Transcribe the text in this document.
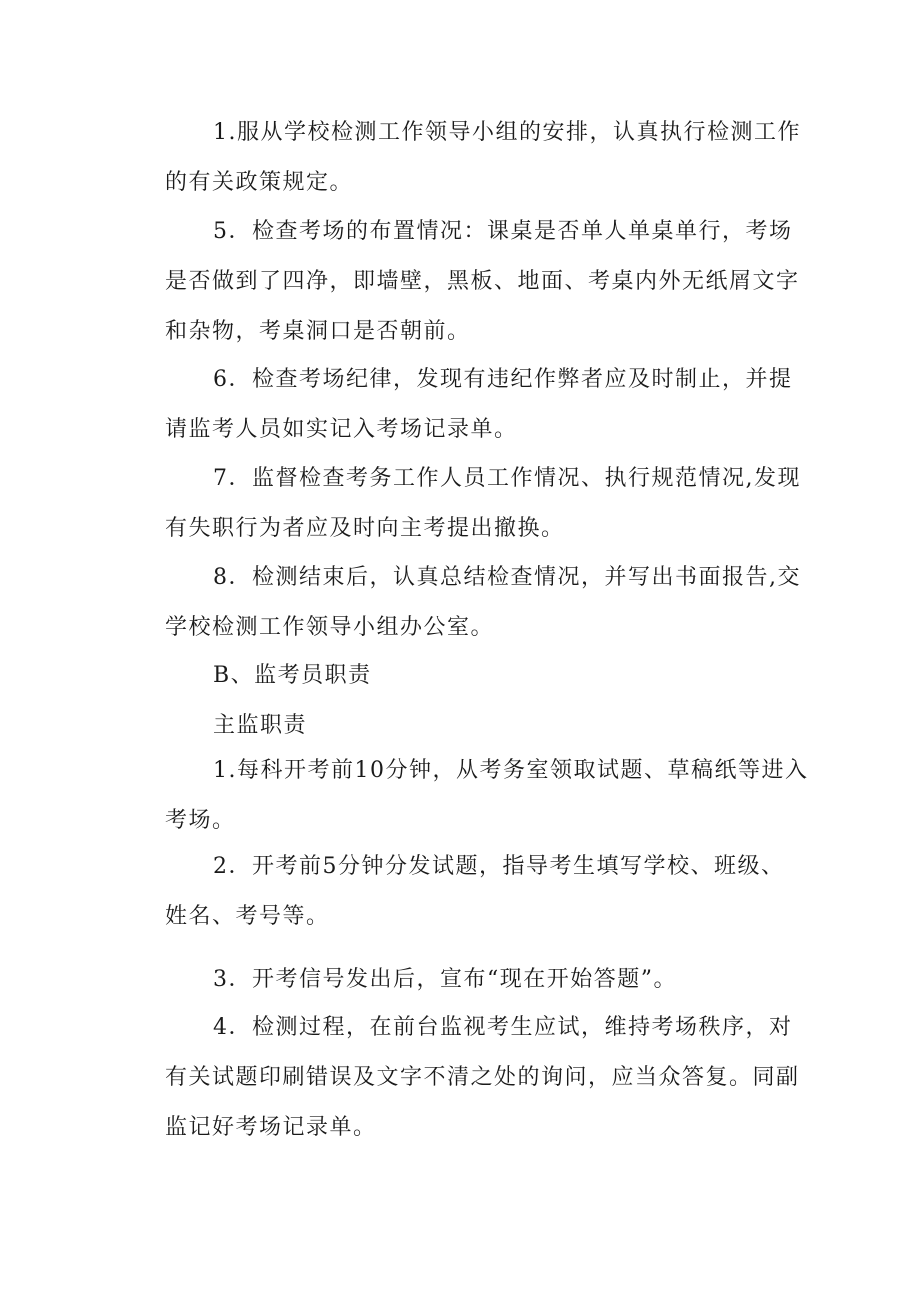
1.服从学校检测工作领导小组的安排，认真执行检测工作的有关政策规定。

5．检查考场的布置情况：课桌是否单人单桌单行，考场是否做到了四净，即墙壁，黑板、地面、考桌内外无纸屑文字和杂物，考桌洞口是否朝前。

6．检查考场纪律，发现有违纪作弊者应及时制止，并提请监考人员如实记入考场记录单。

7．监督检查考务工作人员工作情况、执行规范情况,发现有失职行为者应及时向主考提出撤换。

8．检测结束后，认真总结检查情况，并写出书面报告,交学校检测工作领导小组办公室。

B、监考员职责

主监职责

1.每科开考前10分钟，从考务室领取试题、草稿纸等进入考场。

2．开考前5分钟分发试题，指导考生填写学校、班级、姓名、考号等。

3．开考信号发出后，宣布“现在开始答题”。

4．检测过程，在前台监视考生应试，维持考场秩序，对有关试题印刷错误及文字不清之处的询问，应当众答复。同副监记好考场记录单。
